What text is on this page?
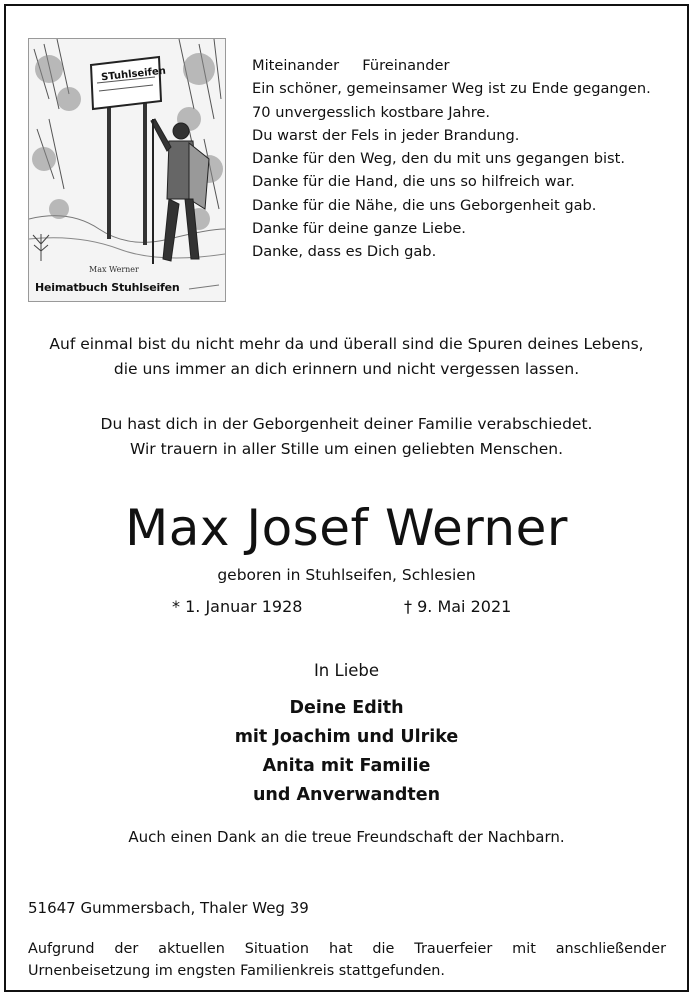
STuhlseifen
Max Werner
Heimatbuch Stuhlseifen
Miteinander     Füreinander
Ein schöner, gemeinsamer Weg ist zu Ende gegangen.
70 unvergesslich kostbare Jahre.
Du warst der Fels in jeder Brandung.
Danke für den Weg, den du mit uns gegangen bist.
Danke für die Hand, die uns so hilfreich war.
Danke für die Nähe, die uns Geborgenheit gab.
Danke für deine ganze Liebe.
Danke, dass es Dich gab.
Auf einmal bist du nicht mehr da und überall sind die Spuren deines Lebens,
die uns immer an dich erinnern und nicht vergessen lassen.
Du hast dich in der Geborgenheit deiner Familie verabschiedet.
Wir trauern in aller Stille um einen geliebten Menschen.
Max Josef Werner
geboren in Stuhlseifen, Schlesien
* 1. Januar 1928	† 9. Mai 2021
In Liebe
Deine Edith
mit Joachim und Ulrike
Anita mit Familie
und Anverwandten
Auch einen Dank an die treue Freundschaft der Nachbarn.
51647 Gummersbach, Thaler Weg 39
Aufgrund der aktuellen Situation hat die Trauerfeier mit anschließender Urnenbeisetzung im engsten Familienkreis stattgefunden.
